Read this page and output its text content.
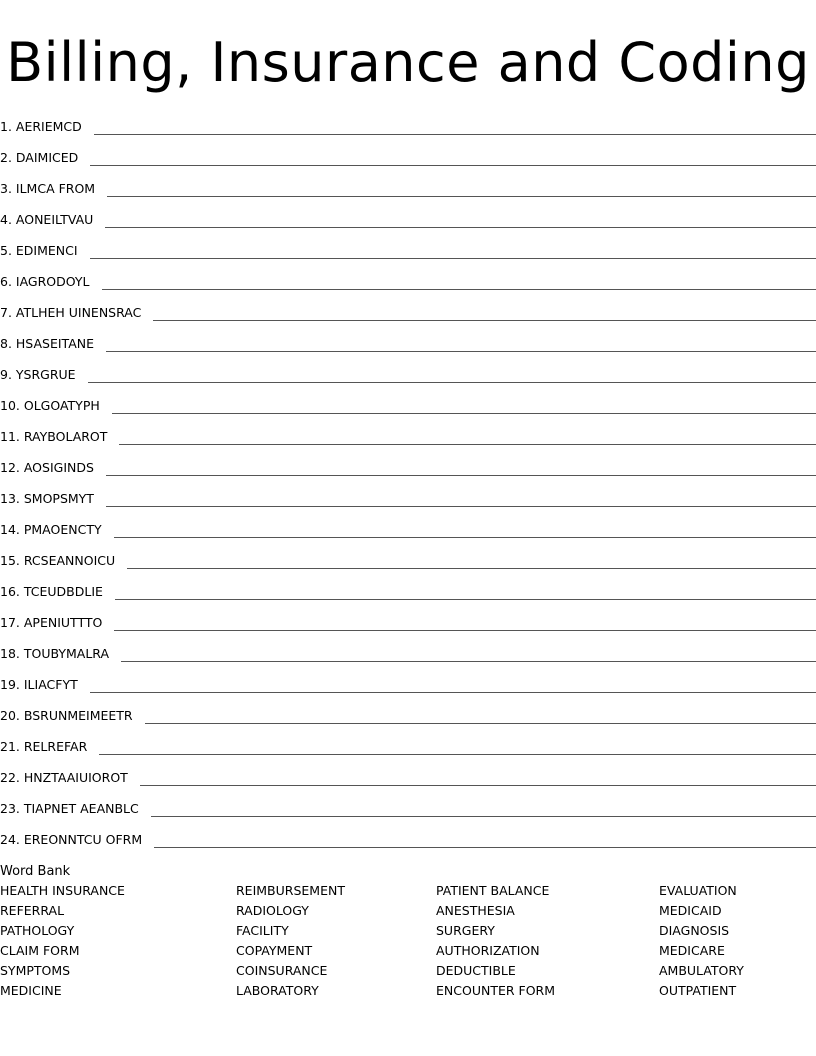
Billing, Insurance and Coding
1. AERIEMCD
2. DAIMICED
3. ILMCA FROM
4. AONEILTVAU
5. EDIMENCI
6. IAGRODOYL
7. ATLHEH UINENSRAC
8. HSASEITANE
9. YSRGRUE
10. OLGOATYPH
11. RAYBOLAROT
12. AOSIGINDS
13. SMOPSMYT
14. PMAOENCTY
15. RCSEANNOICU
16. TCEUDBDLIE
17. APENIUTTTO
18. TOUBYMALRA
19. ILIACFYT
20. BSRUNMEIMEETR
21. RELREFAR
22. HNZTAAIUIOROT
23. TIAPNET AEANBLC
24. EREONNTCU OFRM
Word Bank
HEALTH INSURANCE	REIMBURSEMENT	PATIENT BALANCE	EVALUATION
REFERRAL	RADIOLOGY	ANESTHESIA	MEDICAID
PATHOLOGY	FACILITY	SURGERY	DIAGNOSIS
CLAIM FORM	COPAYMENT	AUTHORIZATION	MEDICARE
SYMPTOMS	COINSURANCE	DEDUCTIBLE	AMBULATORY
MEDICINE	LABORATORY	ENCOUNTER FORM	OUTPATIENT
